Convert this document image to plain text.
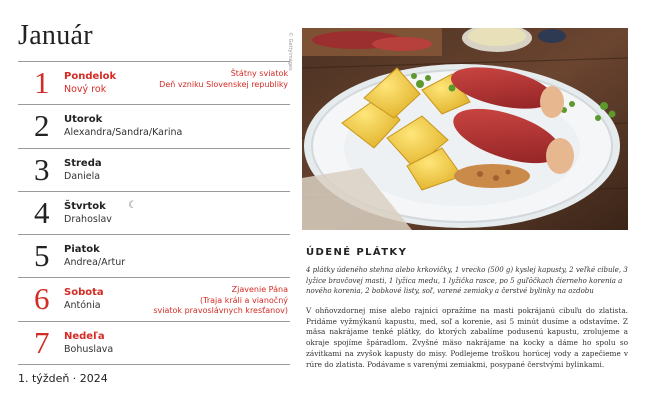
Január
1 Pondelok
Nový rok
Štátny sviatok
Deň vzniku Slovenskej republiky
2 Utorok
Alexandra/Sandra/Karina
3 Streda
Daniela
4 Štvrtok
Drahoslav
☾
5 Piatok
Andrea/Artur
6 Sobota
Antónia
Zjavenie Pána
(Traja králi a vianočný
sviatok pravoslávnych kresťanov)
7 Nedeľa
Bohuslava
1. týždeň · 2024
© Gettyimages
ÚDENÉ PLÁTKY
4 plátky údeného stehna alebo krkovičky, 1 vrecko (500 g) kyslej kapusty, 2 veľké cibule, 3 lyžice bravčovej masti, 1 lyžica medu, 1 lyžička rasce, po 5 guľôčkach čierneho korenia a nového korenia, 2 bobkové listy, soľ, varené zemiaky a čerstvé bylinky na ozdobu
V ohňovzdornej mise alebo rajnici opražíme na masti pokrájanú cibuľu do zlatista. Pridáme vyžmýkanú kapustu, med, soľ a korenie, asi 5 minút dusíme a odstavíme. Z mäsa nakrájame tenké plátky, do ktorých zabalíme podusenú kapustu, zrolujeme a okraje spojíme špáradlom. Zvyšné mäso nakrájame na kocky a dáme ho spolu so závitkami na zvyšok kapusty do misy. Podlejeme troškou horúcej vody a zapečieme v rúre do zlatista. Podávame s varenými zemiakmi, posypané čerstvými bylinkami.
